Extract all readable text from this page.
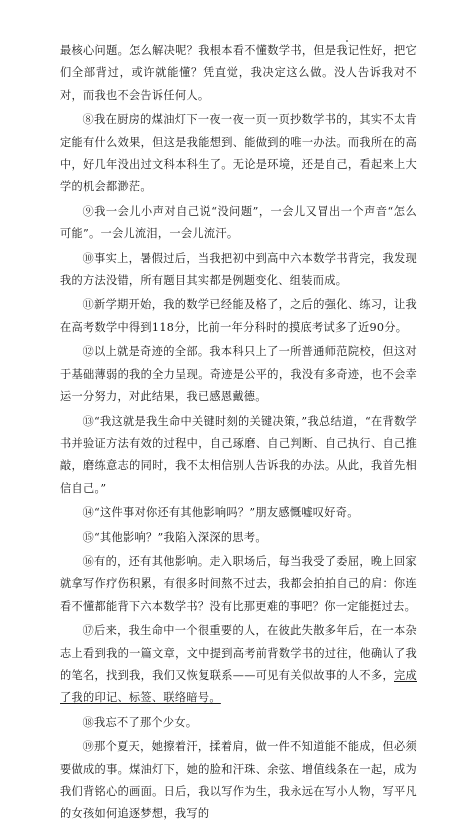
最核心问题。怎么解决呢？我根本看不懂数学书，但是我记性好，把它们全部背过，或许就能懂？凭直觉，我决定这么做。没人告诉我对不对，而我也不会告诉任何人。

⑧我在厨房的煤油灯下一夜一夜一页一页抄数学书的，其实不太肯定能有什么效果，但这是我能想到、能做到的唯一办法。而我所在的高中，好几年没出过文科本科生了。无论是环境，还是自己，看起来上大学的机会都渺茫。

⑨我一会儿小声对自己说“没问题”，一会儿又冒出一个声音“怎么可能”。一会儿流泪，一会儿流汗。

⑩事实上，暑假过后，当我把初中到高中六本数学书背完，我发现我的方法没错，所有题目其实都是例题变化、组装而成。

⑪新学期开始，我的数学已经能及格了，之后的强化、练习，让我在高考数学中得到118分，比前一年分科时的摸底考试多了近90分。

⑫以上就是奇迹的全部。我本科只上了一所普通师范院校，但这对于基础薄弱的我的全力呈现。奇迹是公平的，我没有多奇迹，也不会幸运一分努力，对此结果，我已感恩戴德。

⑬“我这就是我生命中关键时刻的关键决策，”我总结道，“在背数学书并验证方法有效的过程中，自己琢磨、自己判断、自己执行、自己推敲，磨练意志的同时，我不太相信别人告诉我的办法。从此，我首先相信自己。”

⑭“这件事对你还有其他影响吗？”朋友感慨嘘叹好奇。

⑮“其他影响？”我陷入深深的思考。

⑯有的，还有其他影响。走入职场后，每当我受了委屈，晚上回家就拿写作疗伤积累，有很多时间熬不过去，我都会拍拍自己的肩：你连看不懂都能背下六本数学书？没有比那更难的事吧？你一定能挺过去。

⑰后来，我生命中一个很重要的人，在彼此失散多年后，在一本杂志上看到我的一篇文章，文中提到高考前背数学书的过往，他确认了我的笔名，找到我，我们又恢复联系——可见有关似故事的人不多，完成了我的印记、标签、联络暗号。

⑱我忘不了那个少女。

⑲那个夏天，她擦着汗，揉着肩，做一件不知道能不能成，但必须要做成的事。煤油灯下，她的脸和汗珠、余弦、增值线条在一起，成为我们背铭心的画面。日后，我以写作为生，我永远在写小人物，写平凡的女孩如何追逐梦想，我写的
